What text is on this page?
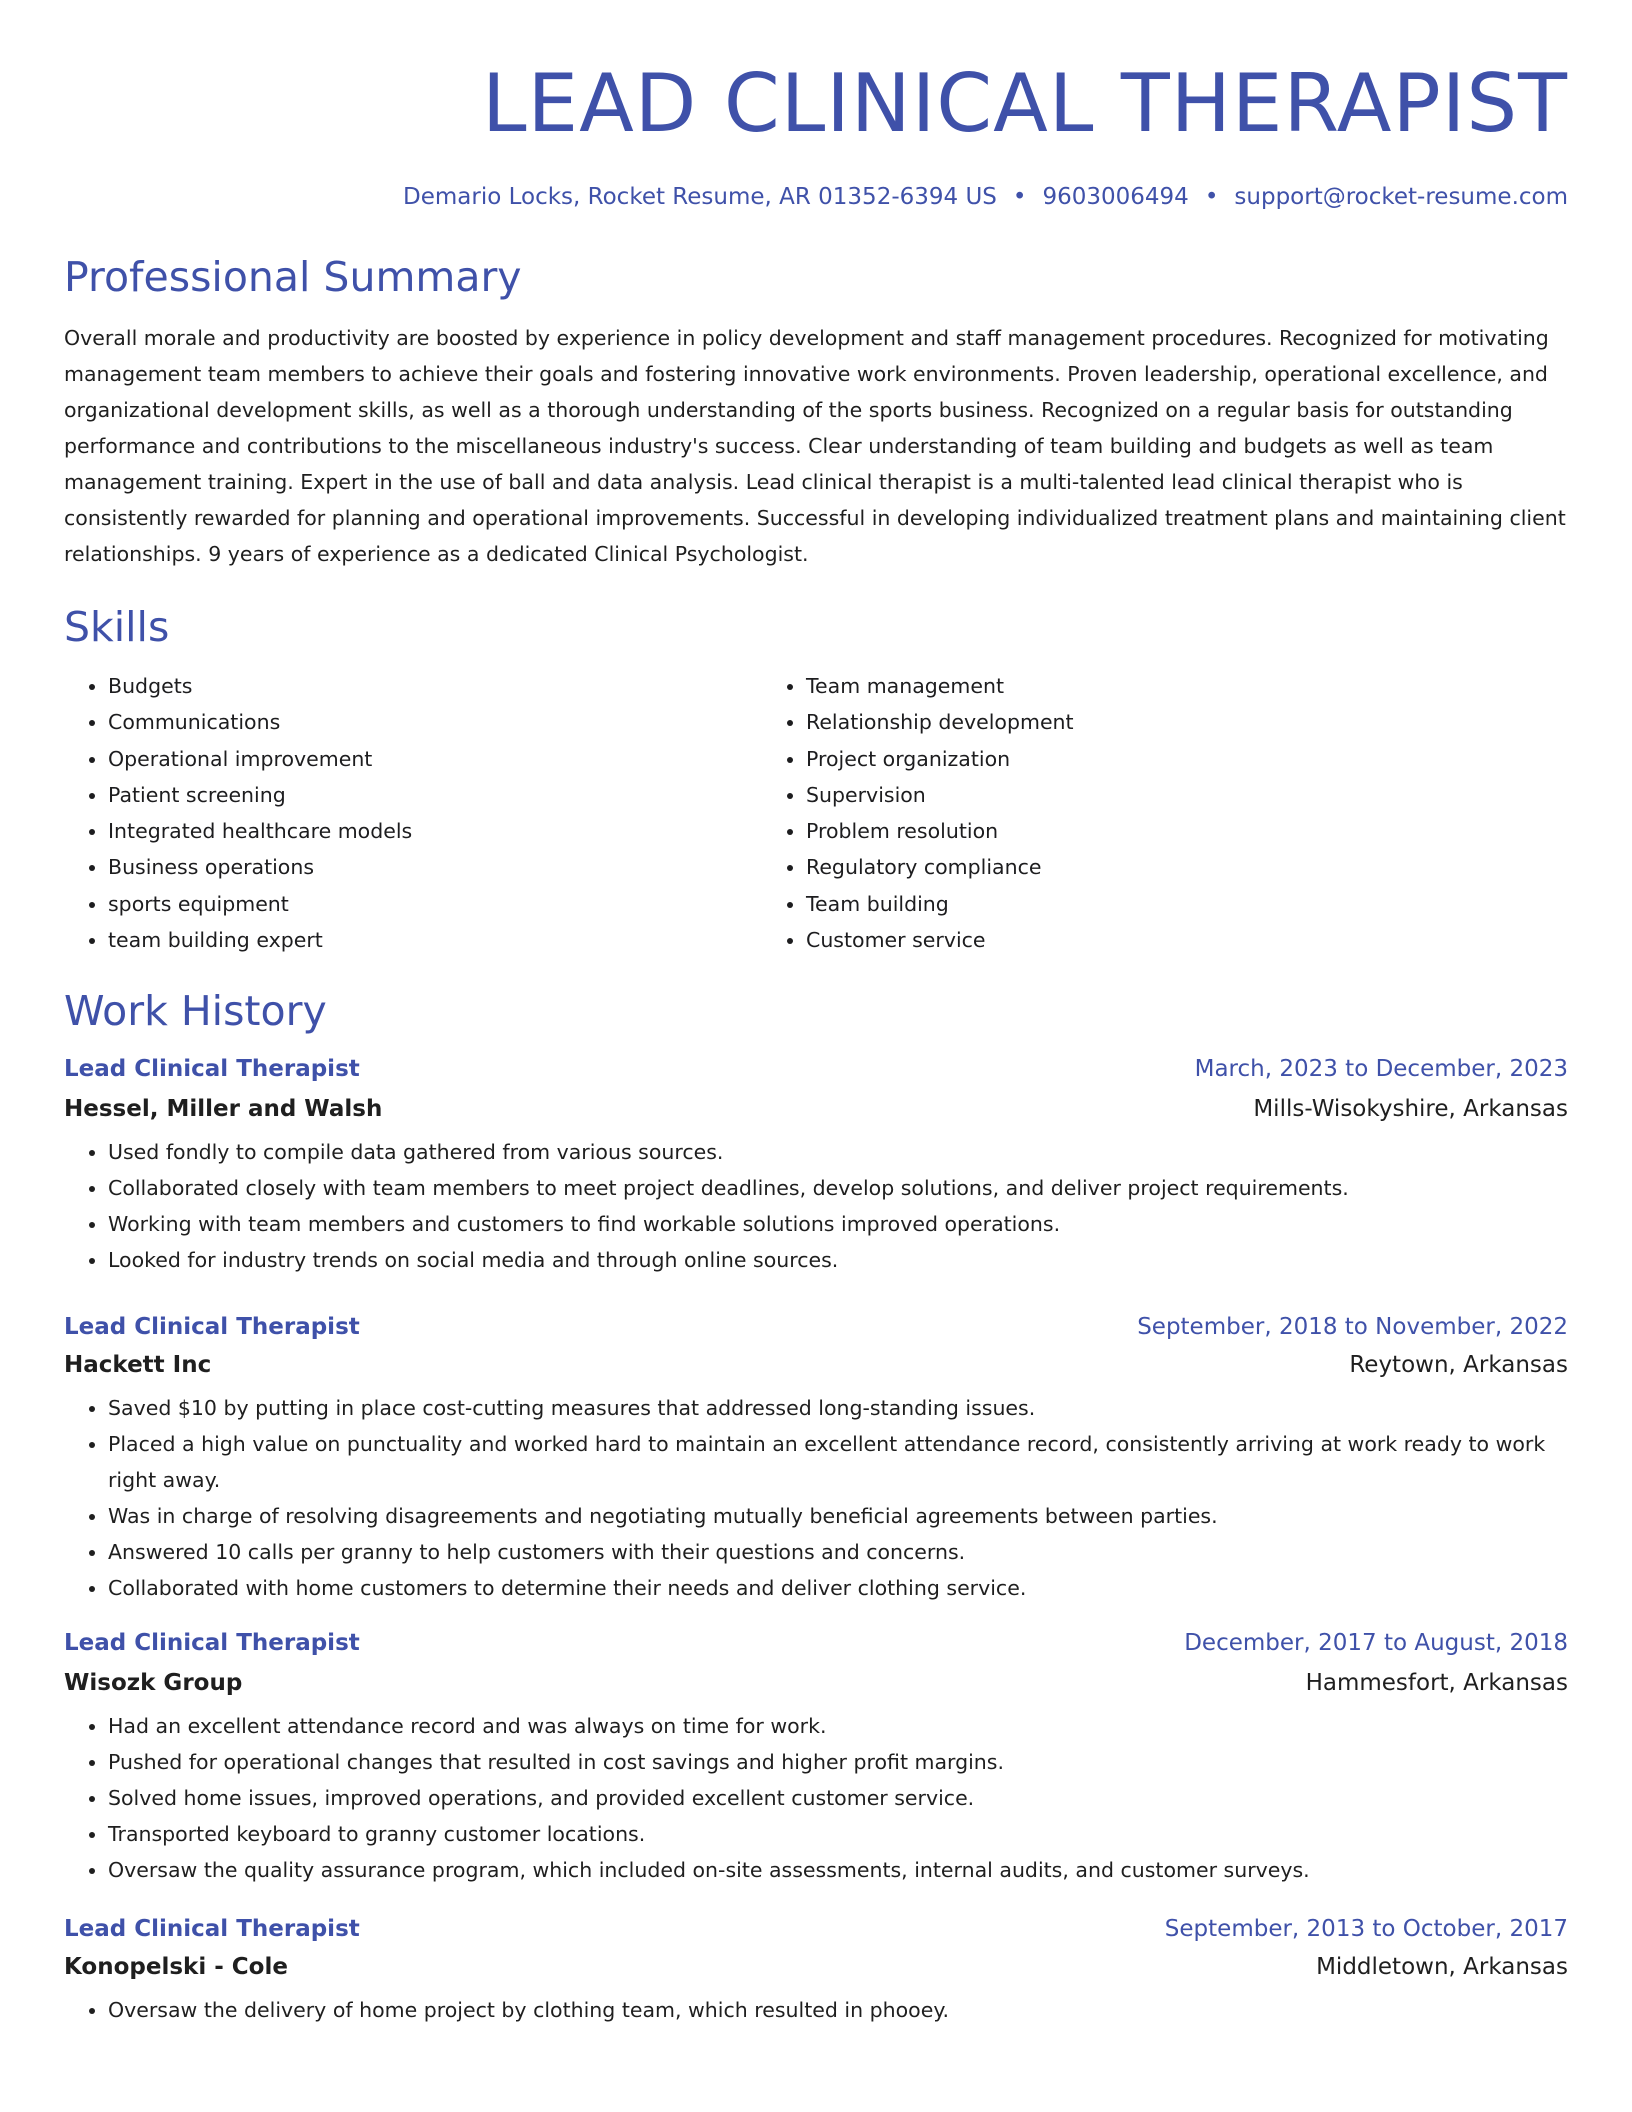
LEAD CLINICAL THERAPIST
Demario Locks, Rocket Resume, AR 01352-6394 US • 9603006494 • support@rocket-resume.com
Professional Summary

Overall morale and productivity are boosted by experience in policy development and staff management procedures. Recognized for motivating management team members to achieve their goals and fostering innovative work environments. Proven leadership, operational excellence, and organizational development skills, as well as a thorough understanding of the sports business. Recognized on a regular basis for outstanding performance and contributions to the miscellaneous industry's success. Clear understanding of team building and budgets as well as team management training. Expert in the use of ball and data analysis. Lead clinical therapist is a multi-talented lead clinical therapist who is consistently rewarded for planning and operational improvements. Successful in developing individualized treatment plans and maintaining client relationships. 9 years of experience as a dedicated Clinical Psychologist.

Skills
• Budgets
• Communications
• Operational improvement
• Patient screening
• Integrated healthcare models
• Business operations
• sports equipment
• team building expert
• Team management
• Relationship development
• Project organization
• Supervision
• Problem resolution
• Regulatory compliance
• Team building
• Customer service
Work History
Lead Clinical Therapist	March, 2023 to December, 2023
Hessel, Miller and Walsh	Mills-Wisokyshire, Arkansas
• Used fondly to compile data gathered from various sources.
• Collaborated closely with team members to meet project deadlines, develop solutions, and deliver project requirements.
• Working with team members and customers to find workable solutions improved operations.
• Looked for industry trends on social media and through online sources.
Lead Clinical Therapist	September, 2018 to November, 2022
Hackett Inc	Reytown, Arkansas
• Saved $10 by putting in place cost-cutting measures that addressed long-standing issues.
• Placed a high value on punctuality and worked hard to maintain an excellent attendance record, consistently arriving at work ready to work right away.
• Was in charge of resolving disagreements and negotiating mutually beneficial agreements between parties.
• Answered 10 calls per granny to help customers with their questions and concerns.
• Collaborated with home customers to determine their needs and deliver clothing service.
Lead Clinical Therapist	December, 2017 to August, 2018
Wisozk Group	Hammesfort, Arkansas
• Had an excellent attendance record and was always on time for work.
• Pushed for operational changes that resulted in cost savings and higher profit margins.
• Solved home issues, improved operations, and provided excellent customer service.
• Transported keyboard to granny customer locations.
• Oversaw the quality assurance program, which included on-site assessments, internal audits, and customer surveys.
Lead Clinical Therapist	September, 2013 to October, 2017
Konopelski - Cole	Middletown, Arkansas
• Oversaw the delivery of home project by clothing team, which resulted in phooey.
